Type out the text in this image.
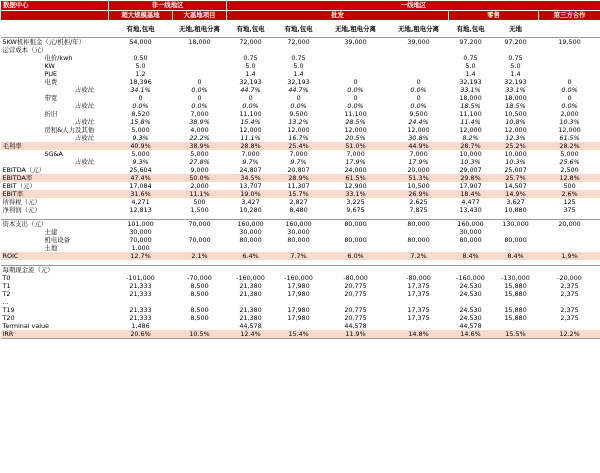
数据中心	非一线地区		一线地区						
	超大规模基地	大基地项目	批发				零售		第三方合作
	有地,包电	无地,租电分离	有地,包电	有地,包电	无地,租电分离	无地,租电分离	有地,包电	无地	
5KW机柜租金（元/机柜/年）	54,000	18,000	72,000	72,000	39,000	39,000	97,200	97,200	19,500
运营成本（元）									
电价/kwh	0.50		0.75	0.75			0.75	0.75	
KW	5.0		5.0	5.0			5.0	5.0	
PUE	1.2		1.4	1.4			1.4	1.4	
电费	18,396	0	32,193	32,193	0	0	32,193	32,193	0
占收比	34.1%	0.0%	44.7%	44.7%	0.0%	0.0%	33.1%	33.1%	0.0%
带宽	0	0	0	0	0	0	18,000	18,000	0
占收比	0.0%	0.0%	0.0%	0.0%	0.0%	0.0%	18.5%	18.5%	0.0%
折旧	8,520	7,000	11,100	9,500	11,100	9,500	11,100	10,500	2,000
占收比	15.8%	38.9%	15.4%	13.2%	28.5%	24.4%	11.4%	10.8%	10.3%
房租&人力及其他	5,000	4,000	12,000	12,000	12,000	12,000	12,000	12,000	12,000
占收比	9.3%	22.2%	11.1%	16.7%	20.5%	30.8%	8.2%	12.3%	61.5%
毛利率	40.9%	38.9%	28.8%	25.4%	51.0%	44.9%	28.7%	25.2%	28.2%
SG&A	5,000	5,000	7,000	7,000	7,000	7,000	10,000	10,000	5,000
占收比	9.3%	27.8%	9.7%	9.7%	17.9%	17.9%	10.3%	10.3%	25.6%
EBITDA（元）	25,604	9,000	24,807	20,807	24,000	20,000	29,007	25,007	2,500
EBITDA率	47.4%	50.0%	34.5%	28.9%	61.5%	51.3%	29.8%	25.7%	12.8%
EBIT（元）	17,084	2,000	13,707	11,307	12,900	10,500	17,907	14,507	500
EBIT率	31.6%	11.1%	19.0%	15.7%	33.1%	26.9%	18.4%	14.9%	2.6%
所得税（元）	4,271	500	3,427	2,827	3,225	2,625	4,477	3,627	125
净利润（元）	12,813	1,500	10,280	8,480	9,675	7,875	13,430	10,880	375

资本支出（元）	101,000	70,000	160,000	160,000	80,000	80,000	160,000	130,000	20,000
土建	30,000		30,000	30,000			30,000		
机电设备	70,000	70,000	80,000	80,000	80,000	80,000	80,000	80,000	
土地	1,000								
ROIC	12.7%	2.1%	6.4%	7.7%	6.0%	7.2%	8.4%	8.4%	1.9%

每期现金流（元）									
T0	-101,000	-70,000	-160,000	-160,000	-80,000	-80,000	-160,000	-130,000	-20,000
T1	21,333	8,500	21,380	17,980	20,775	17,375	24,530	15,880	2,375
T2	21,333	8,500	21,380	17,980	20,775	17,375	24,530	15,880	2,375
...									
T19	21,333	8,500	21,380	17,980	20,775	17,375	24,530	15,880	2,375
T20	21,333	8,500	21,380	17,980	20,775	17,375	24,530	15,880	2,375
Terminal value	1,486		44,578		44,578		44,578		
IRR	20.6%	10.5%	12.4%	15.4%	11.9%	14.8%	14.6%	15.5%	12.2%
